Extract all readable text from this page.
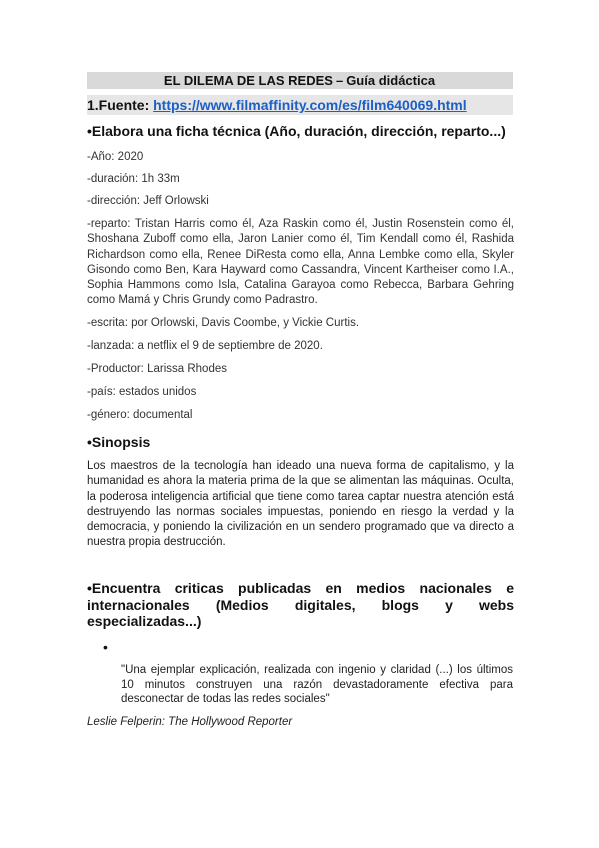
EL DILEMA DE LAS REDES – Guía didáctica
1.Fuente: https://www.filmaffinity.com/es/film640069.html
•Elabora una ficha técnica (Año, duración, dirección, reparto...)
-Año: 2020
-duración: 1h 33m
-dirección: Jeff Orlowski
-reparto: Tristan Harris como él, Aza Raskin como él, Justin Rosenstein como él, Shoshana Zuboff como ella, Jaron Lanier como él, Tim Kendall como él, Rashida Richardson como ella, Renee DiResta como ella, Anna Lembke como ella, Skyler Gisondo como Ben, Kara Hayward como Cassandra, Vincent Kartheiser como I.A., Sophia Hammons como Isla, Catalina Garayoa como Rebecca, Barbara Gehring como Mamá y Chris Grundy como Padrastro.
-escrita: por Orlowski, Davis Coombe, y Vickie Curtis.
-lanzada: a netflix el 9 de septiembre de 2020.
-Productor: Larissa Rhodes
-país: estados unidos
-género: documental
•Sinopsis
Los maestros de la tecnología han ideado una nueva forma de capitalismo, y la humanidad es ahora la materia prima de la que se alimentan las máquinas. Oculta, la poderosa inteligencia artificial que tiene como tarea captar nuestra atención está destruyendo las normas sociales impuestas, poniendo en riesgo la verdad y la democracia, y poniendo la civilización en un sendero programado que va directo a nuestra propia destrucción.
•Encuentra criticas publicadas en medios nacionales e internacionales (Medios digitales, blogs y webs especializadas...)
•
"Una ejemplar explicación, realizada con ingenio y claridad (...) los últimos 10 minutos construyen una razón devastadoramente efectiva para desconectar de todas las redes sociales"
Leslie Felperin: The Hollywood Reporter
